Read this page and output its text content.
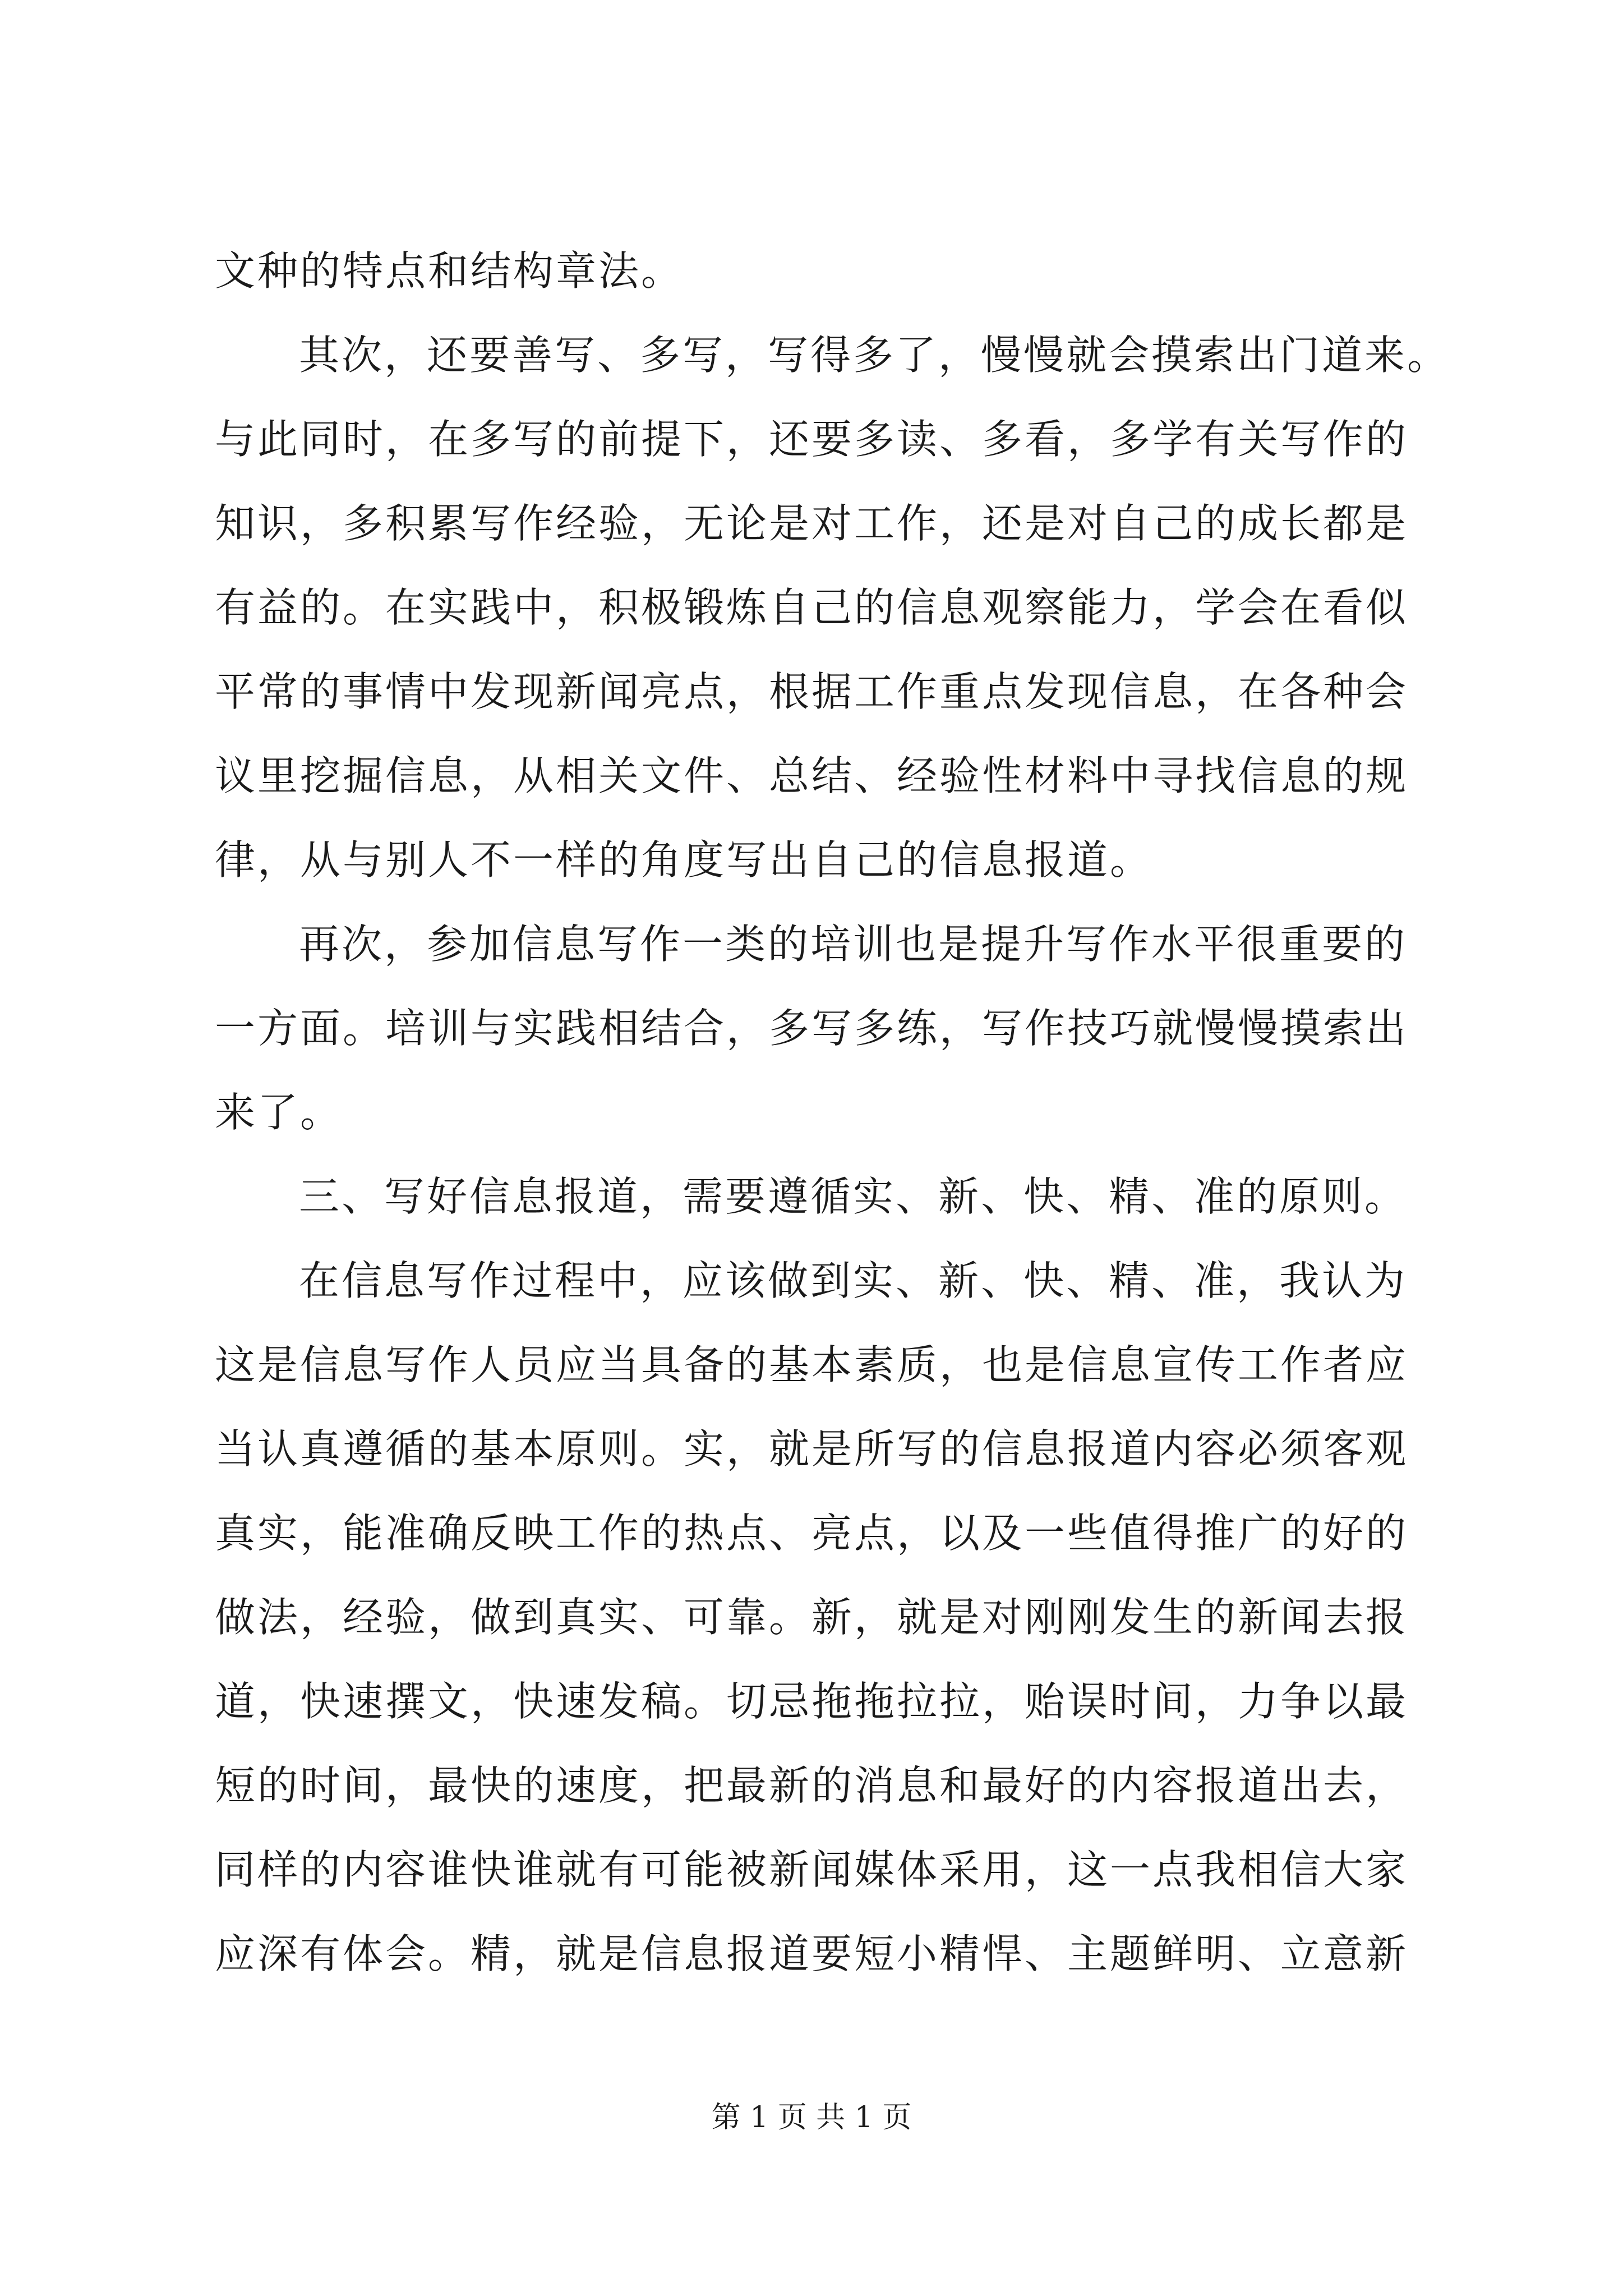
文种的特点和结构章法。
其次，还要善写、多写，写得多了，慢慢就会摸索出门道来。
与此同时，在多写的前提下，还要多读、多看，多学有关写作的
知识，多积累写作经验，无论是对工作，还是对自己的成长都是
有益的。在实践中，积极锻炼自己的信息观察能力，学会在看似
平常的事情中发现新闻亮点，根据工作重点发现信息，在各种会
议里挖掘信息，从相关文件、总结、经验性材料中寻找信息的规
律，从与别人不一样的角度写出自己的信息报道。
再次，参加信息写作一类的培训也是提升写作水平很重要的
一方面。培训与实践相结合，多写多练，写作技巧就慢慢摸索出
来了。
三、写好信息报道，需要遵循实、新、快、精、准的原则。
在信息写作过程中，应该做到实、新、快、精、准，我认为
这是信息写作人员应当具备的基本素质，也是信息宣传工作者应
当认真遵循的基本原则。实，就是所写的信息报道内容必须客观
真实，能准确反映工作的热点、亮点，以及一些值得推广的好的
做法，经验，做到真实、可靠。新，就是对刚刚发生的新闻去报
道，快速撰文，快速发稿。切忌拖拖拉拉，贻误时间，力争以最
短的时间，最快的速度，把最新的消息和最好的内容报道出去，
同样的内容谁快谁就有可能被新闻媒体采用，这一点我相信大家
应深有体会。精，就是信息报道要短小精悍、主题鲜明、立意新
第 1 页 共 1 页
